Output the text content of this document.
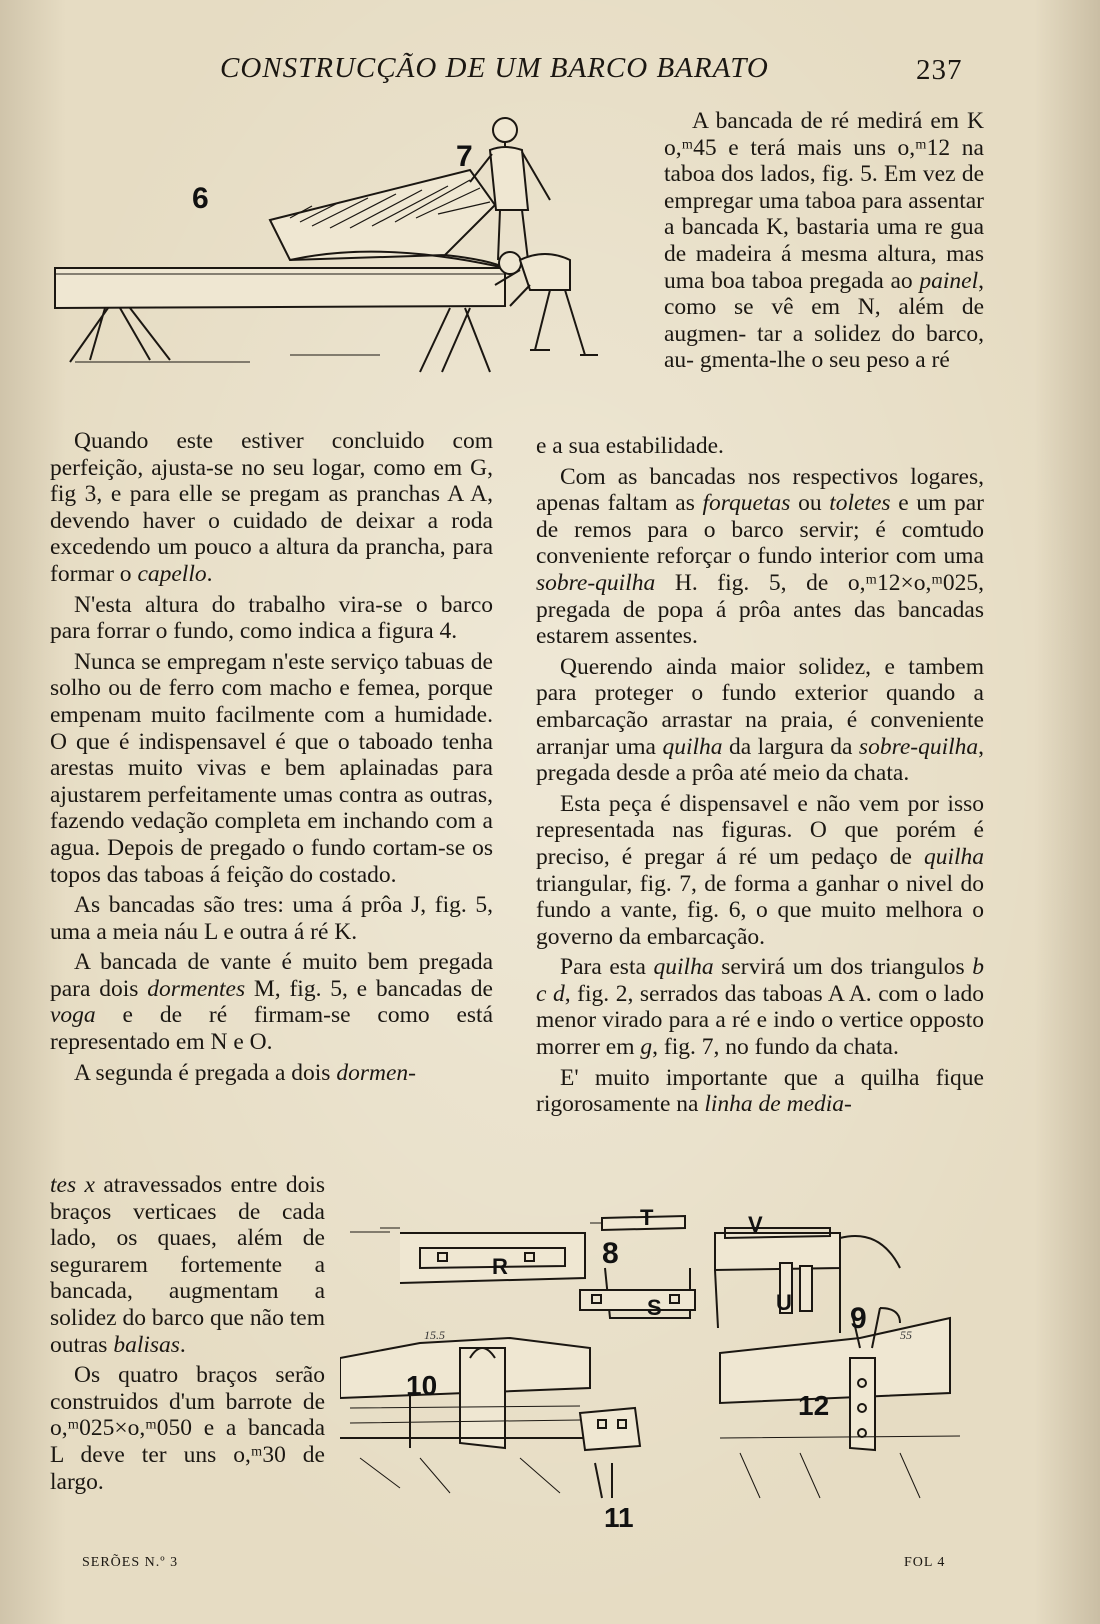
CONSTRUCÇÃO DE UM BARCO BARATO	237
6
7

A bancada de ré medirá em K o,ᵐ45 e terá mais uns o,ᵐ12 na taboa dos lados, fig. 5. Em vez de empregar uma taboa para assentar a bancada K, bastaria uma re gua de madeira á mesma altura, mas uma boa taboa pregada ao painel, como se vê em N, além de augmen- tar a solidez do barco, au- gmenta-lhe o seu peso a ré

Quando este estiver concluido com perfeição, ajusta-se no seu logar, como em G, fig 3, e para elle se pregam as pranchas A A, devendo haver o cuidado de deixar a roda excedendo um pouco a altura da prancha, para formar o capello.

N'esta altura do trabalho vira-se o barco para forrar o fundo, como indica a figura 4.

Nunca se empregam n'este serviço tabuas de solho ou de ferro com macho e femea, porque empenam muito facilmente com a humidade. O que é indispensavel é que o taboado tenha arestas muito vivas e bem aplainadas para ajustarem perfeitamente umas contra as outras, fazendo vedação completa em inchando com a agua. Depois de pregado o fundo cortam-se os topos das taboas á feição do costado.

As bancadas são tres: uma á prôa J, fig. 5, uma a meia náu L e outra á ré K.

A bancada de vante é muito bem pregada para dois dormentes M, fig. 5, e bancadas de voga e de ré firmam-se como está representado em N e O.

A segunda é pregada a dois dormen-

tes x atravessados entre dois braços verticaes de cada lado, os quaes, além de segurarem fortemente a bancada, augmentam a solidez do barco que não tem outras balisas.

Os quatro braços serão construidos d'um barrote de o,ᵐ025×o,ᵐ050 e a bancada L deve ter uns o,ᵐ30 de largo.

e a sua estabilidade.

Com as bancadas nos respectivos logares, apenas faltam as forquetas ou toletes e um par de remos para o barco servir; é comtudo conveniente reforçar o fundo interior com uma sobre-quilha H. fig. 5, de o,ᵐ12×o,ᵐ025, pregada de popa á prôa antes das bancadas estarem assentes.

Querendo ainda maior solidez, e tambem para proteger o fundo exterior quando a embarcação arrastar na praia, é conveniente arranjar uma quilha da largura da sobre-quilha, pregada desde a prôa até meio da chata.

Esta peça é dispensavel e não vem por isso representada nas figuras. O que porém é preciso, é pregar á ré um pedaço de quilha triangular, fig. 7, de forma a ganhar o nivel do fundo a vante, fig. 6, o que muito melhora o governo da embarcação.

Para esta quilha servirá um dos triangulos b c d, fig. 2, serrados das taboas A A. com o lado menor virado para a ré e indo o vertice opposto morrer em g, fig. 7, no fundo da chata.

E' muito importante que a quilha fique rigorosamente na linha de media-

8
T
R
S	9
V
U
10
11
12
15.5	55
SERÕES N.º 3	FOL 4
